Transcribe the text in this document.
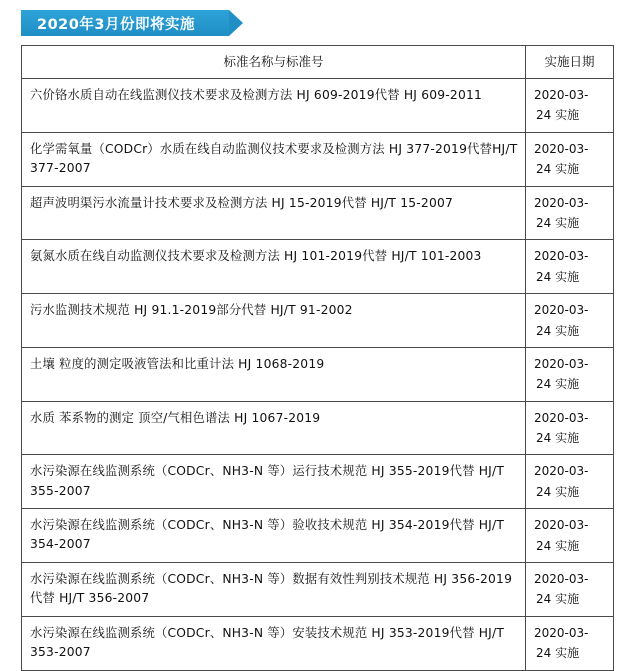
2020年3月份即将实施
标准名称与标准号	实施日期
六价铬水质自动在线监测仪技术要求及检测方法 HJ 609-2019代替 HJ 609-2011	2020-03-
24 实施

化学需氧量（CODCr）水质在线自动监测仪技术要求及检测方法 HJ 377-2019代替HJ/T 377-2007	2020-03-
24 实施

超声波明渠污水流量计技术要求及检测方法 HJ 15-2019代替 HJ/T 15-2007	2020-03-
24 实施

氨氮水质在线自动监测仪技术要求及检测方法 HJ 101-2019代替 HJ/T 101-2003	2020-03-
24 实施

污水监测技术规范 HJ 91.1-2019部分代替 HJ/T 91-2002	2020-03-
24 实施

土壤 粒度的测定吸液管法和比重计法 HJ 1068-2019	2020-03-
24 实施

水质 苯系物的测定 顶空/气相色谱法 HJ 1067-2019	2020-03-
24 实施

水污染源在线监测系统（CODCr、NH3-N 等）运行技术规范 HJ 355-2019代替 HJ/T 355-2007	2020-03-
24 实施

水污染源在线监测系统（CODCr、NH3-N 等）验收技术规范 HJ 354-2019代替 HJ/T 354-2007	2020-03-
24 实施

水污染源在线监测系统（CODCr、NH3-N 等）数据有效性判别技术规范 HJ 356-2019代替 HJ/T 356-2007	2020-03-
24 实施

水污染源在线监测系统（CODCr、NH3-N 等）安装技术规范 HJ 353-2019代替 HJ/T 353-2007	2020-03-
24 实施
